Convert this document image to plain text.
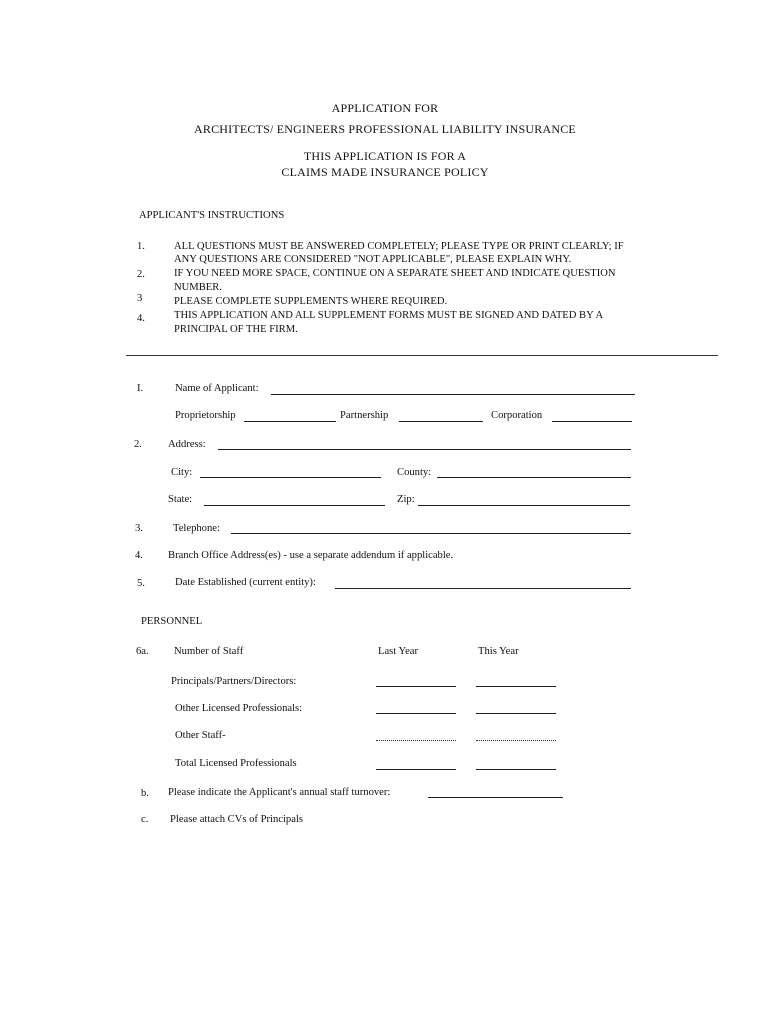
APPLICATION FOR
ARCHITECTS/ ENGINEERS PROFESSIONAL LIABILITY INSURANCE
THIS APPLICATION IS FOR A
CLAIMS MADE INSURANCE POLICY
APPLICANT'S INSTRUCTIONS
1.	ALL QUESTIONS MUST BE ANSWERED COMPLETELY; PLEASE TYPE OR PRINT CLEARLY; IF
ANY QUESTIONS ARE CONSIDERED "NOT APPLICABLE", PLEASE EXPLAIN WHY.
2.	IF YOU NEED MORE SPACE, CONTINUE ON A SEPARATE SHEET AND INDICATE QUESTION
NUMBER.
3	PLEASE COMPLETE SUPPLEMENTS WHERE REQUIRED.
4.	THIS APPLICATION AND ALL SUPPLEMENT FORMS MUST BE SIGNED AND DATED BY A
PRINCIPAL OF THE FIRM.
I.	Name of Applicant:
Proprietorship	Partnership	Corporation
2. Address:
City:	County:
State:	Zip:
3.	Telephone:
4. Branch Office Address(es) - use a separate addendum if applicable.
5.	Date Established (current entity):
PERSONNEL
6a. Number of Staff	Last Year	This Year
Principals/Partners/Directors:
Other Licensed Professionals:
Other Staff-
Total Licensed Professionals
b. Please indicate the Applicant's annual staff turnover:
c. Please attach CVs of Principals
